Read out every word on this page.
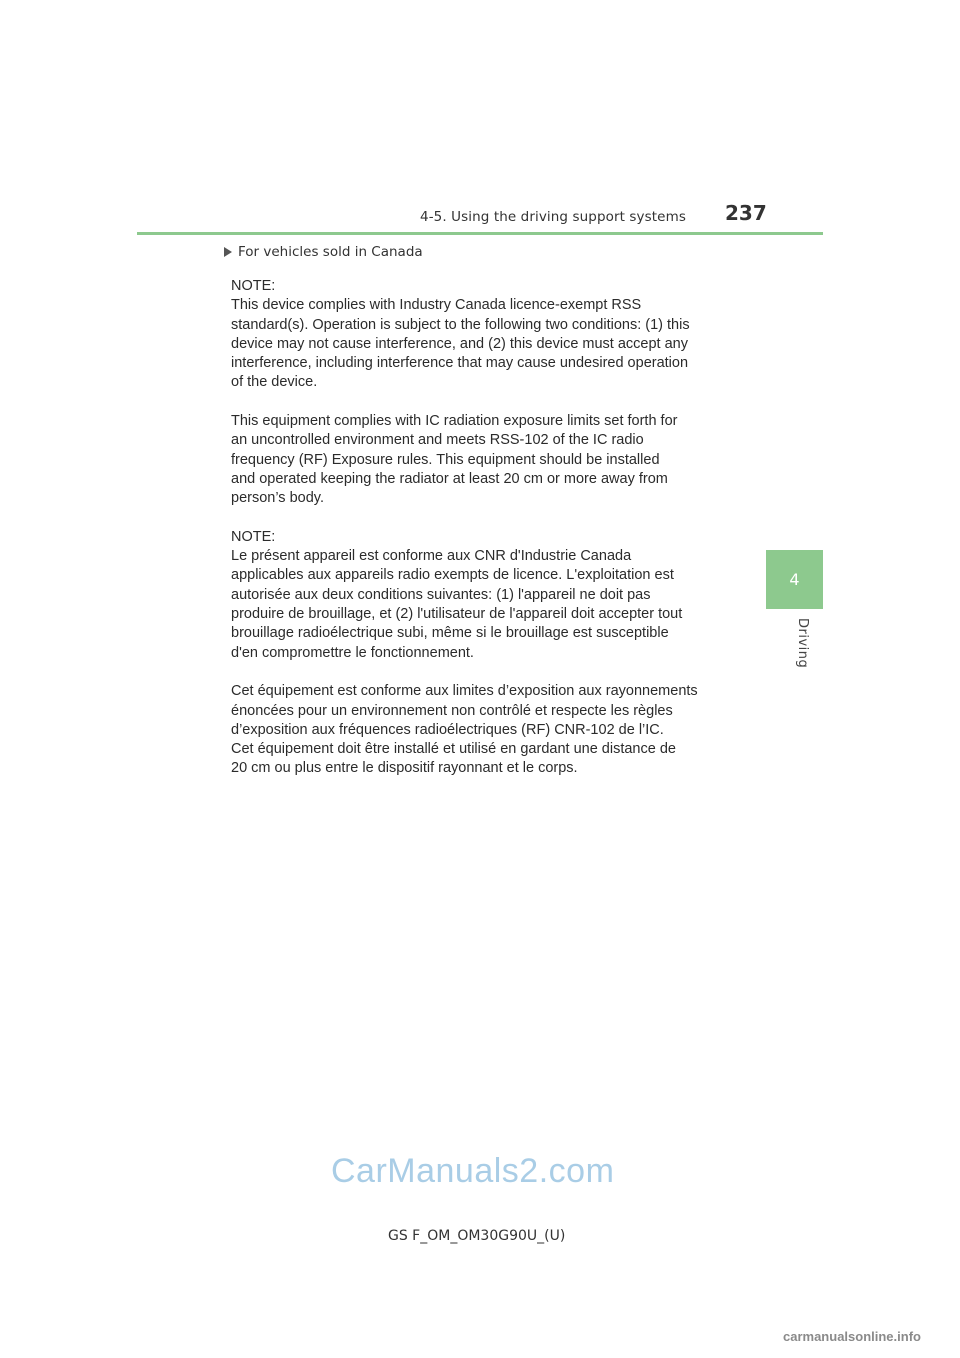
4-5. Using the driving support systems 237
4
Driving
For vehicles sold in Canada

NOTE:
This device complies with Industry Canada licence-exempt RSS
standard(s). Operation is subject to the following two conditions: (1) this
device may not cause interference, and (2) this device must accept any
interference, including interference that may cause undesired operation
of the device.

This equipment complies with IC radiation exposure limits set forth for
an uncontrolled environment and meets RSS-102 of the IC radio
frequency (RF) Exposure rules. This equipment should be installed
and operated keeping the radiator at least 20 cm or more away from
person’s body.

NOTE:
Le présent appareil est conforme aux CNR d'Industrie Canada
applicables aux appareils radio exempts de licence. L'exploitation est
autorisée aux deux conditions suivantes: (1) l'appareil ne doit pas
produire de brouillage, et (2) l'utilisateur de l'appareil doit accepter tout
brouillage radioélectrique subi, même si le brouillage est susceptible
d'en compromettre le fonctionnement.

Cet équipement est conforme aux limites d’exposition aux rayonnements
énoncées pour un environnement non contrôlé et respecte les règles
d’exposition aux fréquences radioélectriques (RF) CNR-102 de l’IC.
Cet équipement doit être installé et utilisé en gardant une distance de
20 cm ou plus entre le dispositif rayonnant et le corps.

CarManuals2.com
GS F_OM_OM30G90U_(U)
carmanualsonline.info
